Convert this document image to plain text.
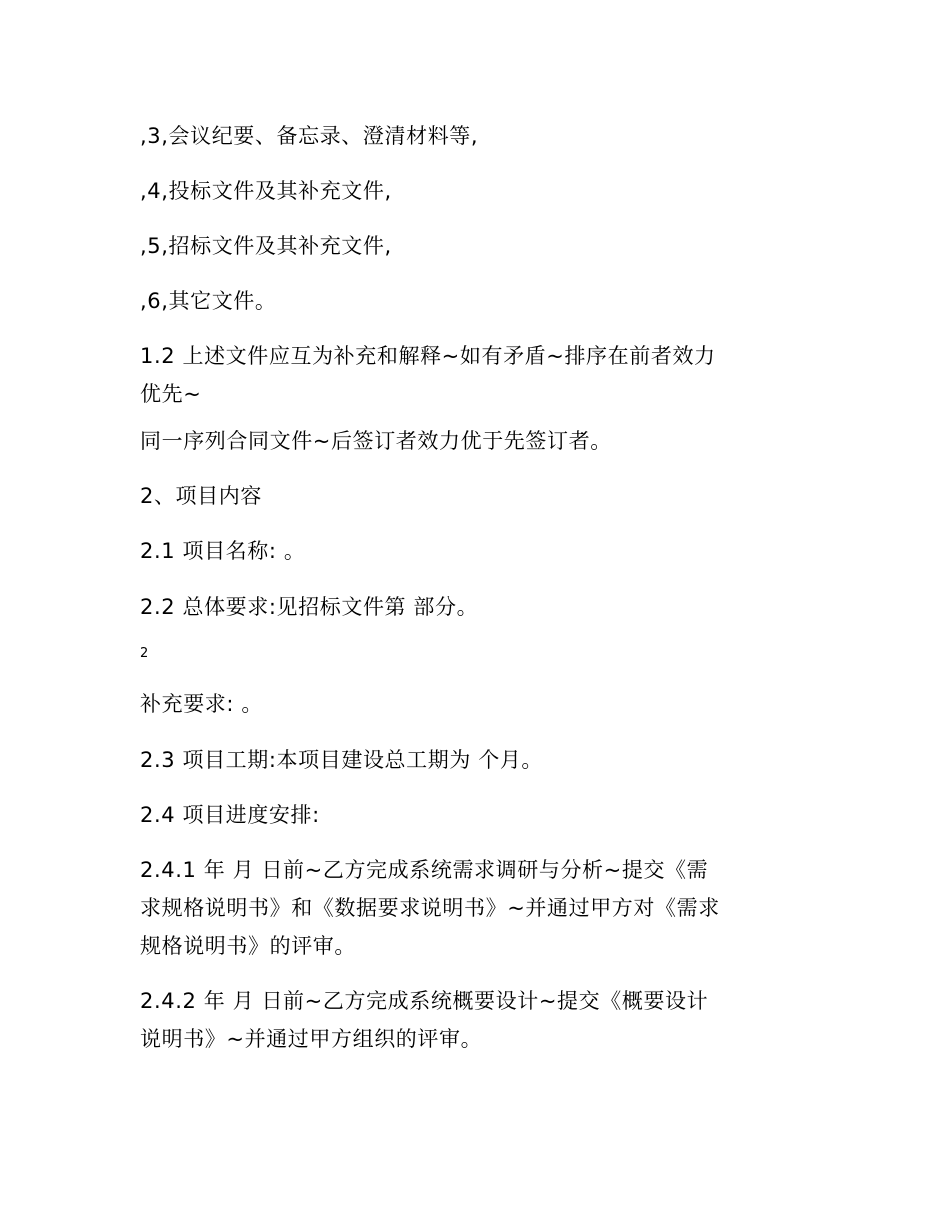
,3,会议纪要、备忘录、澄清材料等,

,4,投标文件及其补充文件,

,5,招标文件及其补充文件,

,6,其它文件。

1.2 上述文件应互为补充和解释~如有矛盾~排序在前者效力

优先~

同一序列合同文件~后签订者效力优于先签订者。

2、项目内容

2.1 项目名称: 。

2.2 总体要求:见招标文件第 部分。

2

补充要求: 。

2.3 项目工期:本项目建设总工期为 个月。

2.4 项目进度安排:

2.4.1 年 月 日前~乙方完成系统需求调研与分析~提交《需

求规格说明书》和《数据要求说明书》~并通过甲方对《需求

规格说明书》的评审。

2.4.2 年 月 日前~乙方完成系统概要设计~提交《概要设计

说明书》~并通过甲方组织的评审。
